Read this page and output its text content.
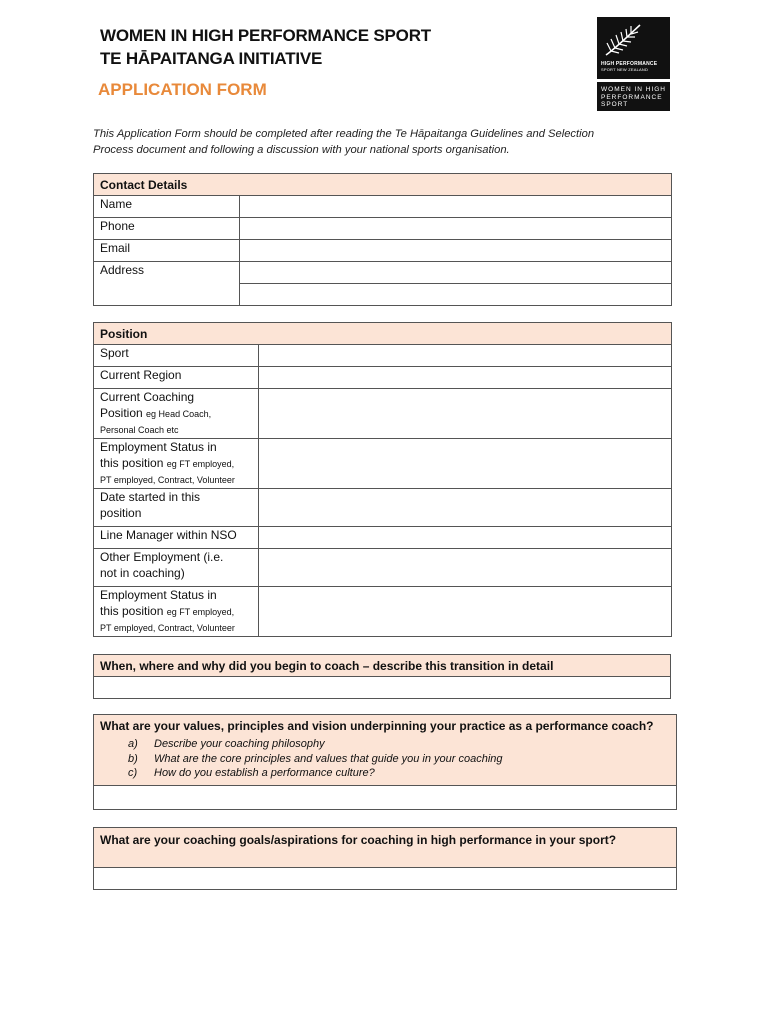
WOMEN IN HIGH PERFORMANCE SPORT
TE HĀPAITANGA INITIATIVE
APPLICATION FORM
HIGH PERFORMANCE
SPORT NEW ZEALAND
WOMEN IN HIGH
PERFORMANCE
SPORT
This Application Form should be completed after reading the Te Hāpaitanga Guidelines and Selection
Process document and following a discussion with your national sports organisation.
Contact Details	
Name	
Phone	
Email	
Address	

Position	
Sport	
Current Region	

Current Coaching
Position eg Head Coach,
Personal Coach etc	

Employment Status in
this position eg FT employed,
PT employed, Contract, Volunteer	

Date started in this
position	

Line Manager within NSO	

Other Employment (i.e.
not in coaching)	

Employment Status in
this position eg FT employed,
PT employed, Contract, Volunteer	

When, where and why did you begin to coach – describe this transition in detail

What are your values, principles and vision underpinning your practice as a performance coach?
a) Describe your coaching philosophy
b) What are the core principles and values that guide you in your coaching
c) How do you establish a performance culture?

What are your coaching goals/aspirations for coaching in high performance in your sport?
